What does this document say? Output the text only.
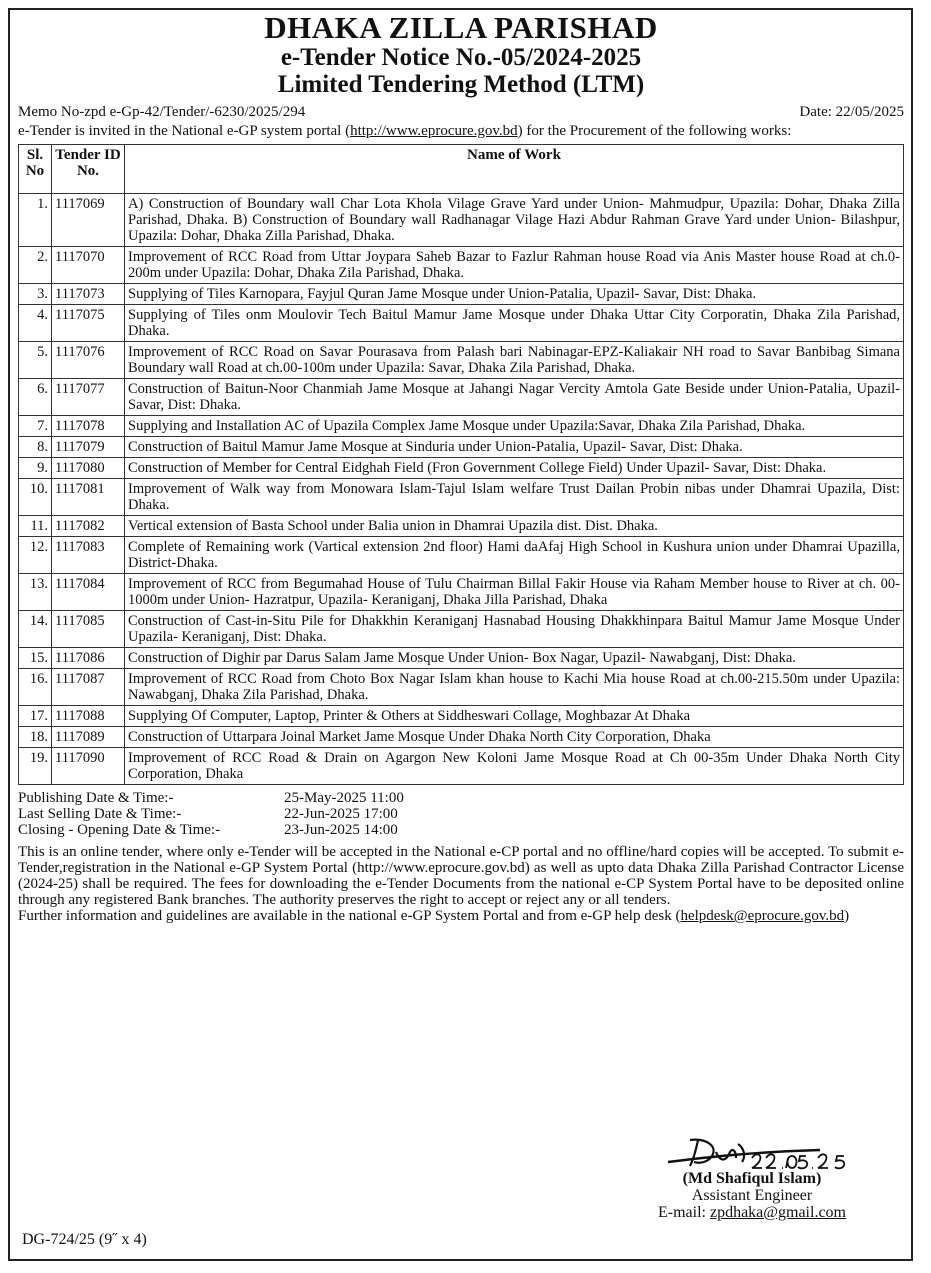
DHAKA ZILLA PARISHAD
e-Tender Notice No.-05/2024-2025
Limited Tendering Method (LTM)
Memo No-zpd e-Gp-42/Tender/-6230/2025/294	Date: 22/05/2025
e-Tender is invited in the National e-GP system portal (http://www.eprocure.gov.bd) for the Procurement of the following works:
Sl. No	Tender ID No.	Name of Work
1.	1117069	A) Construction of Boundary wall Char Lota Khola Vilage Grave Yard under Union- Mahmudpur, Upazila: Dohar, Dhaka Zilla Parishad, Dhaka. B) Construction of Boundary wall Radhanagar Vilage Hazi Abdur Rahman Grave Yard under Union- Bilashpur, Upazila: Dohar, Dhaka Zilla Parishad, Dhaka.
2.	1117070	Improvement of RCC Road from Uttar Joypara Saheb Bazar to Fazlur Rahman house Road via Anis Master house Road at ch.0-200m under Upazila: Dohar, Dhaka Zila Parishad, Dhaka.
3.	1117073	Supplying of Tiles Karnopara, Fayjul Quran Jame Mosque under Union-Patalia, Upazil- Savar, Dist: Dhaka.
4.	1117075	Supplying of Tiles onm Moulovir Tech Baitul Mamur Jame Mosque under Dhaka Uttar City Corporatin, Dhaka Zila Parishad, Dhaka.
5.	1117076	Improvement of RCC Road on Savar Pourasava from Palash bari Nabinagar-EPZ-Kaliakair NH road to Savar Banbibag Simana Boundary wall Road at ch.00-100m under Upazila: Savar, Dhaka Zila Parishad, Dhaka.
6.	1117077	Construction of Baitun-Noor Chanmiah Jame Mosque at Jahangi Nagar Vercity Amtola Gate Beside under Union-Patalia, Upazil- Savar, Dist: Dhaka.
7.	1117078	Supplying and Installation AC of Upazila Complex Jame Mosque under Upazila:Savar, Dhaka Zila Parishad, Dhaka.
8.	1117079	Construction of Baitul Mamur Jame Mosque at Sinduria under Union-Patalia, Upazil- Savar, Dist: Dhaka.
9.	1117080	Construction of Member for Central Eidghah Field (Fron Government College Field) Under Upazil- Savar, Dist: Dhaka.
10.	1117081	Improvement of Walk way from Monowara Islam-Tajul Islam welfare Trust Dailan Probin nibas under Dhamrai Upazila, Dist: Dhaka.
11.	1117082	Vertical extension of Basta School under Balia union in Dhamrai Upazila dist. Dist. Dhaka.
12.	1117083	Complete of Remaining work (Vartical extension 2nd floor) Hami daAfaj High School in Kushura union under Dhamrai Upazilla, District-Dhaka.
13.	1117084	Improvement of RCC from Begumahad House of Tulu Chairman Billal Fakir House via Raham Member house to River at ch. 00-1000m under Union- Hazratpur, Upazila- Keraniganj, Dhaka Jilla Parishad, Dhaka
14.	1117085	Construction of Cast-in-Situ Pile for Dhakkhin Keraniganj Hasnabad Housing Dhakkhinpara Baitul Mamur Jame Mosque Under Upazila- Keraniganj, Dist: Dhaka.
15.	1117086	Construction of Dighir par Darus Salam Jame Mosque Under Union- Box Nagar, Upazil- Nawabganj, Dist: Dhaka.
16.	1117087	Improvement of RCC Road from Choto Box Nagar Islam khan house to Kachi Mia house Road at ch.00-215.50m under Upazila: Nawabganj, Dhaka Zila Parishad, Dhaka.
17.	1117088	Supplying Of Computer, Laptop, Printer & Others at Siddheswari Collage, Moghbazar At Dhaka
18.	1117089	Construction of Uttarpara Joinal Market Jame Mosque Under Dhaka North City Corporation, Dhaka
19.	1117090	Improvement of RCC Road & Drain on Agargon New Koloni Jame Mosque Road at Ch 00-35m Under Dhaka North City Corporation, Dhaka
Publishing Date & Time:-	25-May-2025 11:00
Last Selling Date & Time:-	22-Jun-2025 17:00
Closing - Opening Date & Time:-	23-Jun-2025 14:00
This is an online tender, where only e-Tender will be accepted in the National e-CP portal and no offline/hard copies will be accepted. To submit e-Tender,registration in the National e-GP System Portal (http://www.eprocure.gov.bd) as well as upto data Dhaka Zilla Parishad Contractor License (2024-25) shall be required. The fees for downloading the e-Tender Documents from the national e-CP System Portal have to be deposited online through any registered Bank branches. The authority preserves the right to accept or reject any or all tenders.
Further information and guidelines are available in the national e-GP System Portal and from e-GP help desk (helpdesk@eprocure.gov.bd)
(Md Shafiqul Islam)
Assistant Engineer
E-mail: zpdhaka@gmail.com
DG-724/25 (9˝ x 4)
